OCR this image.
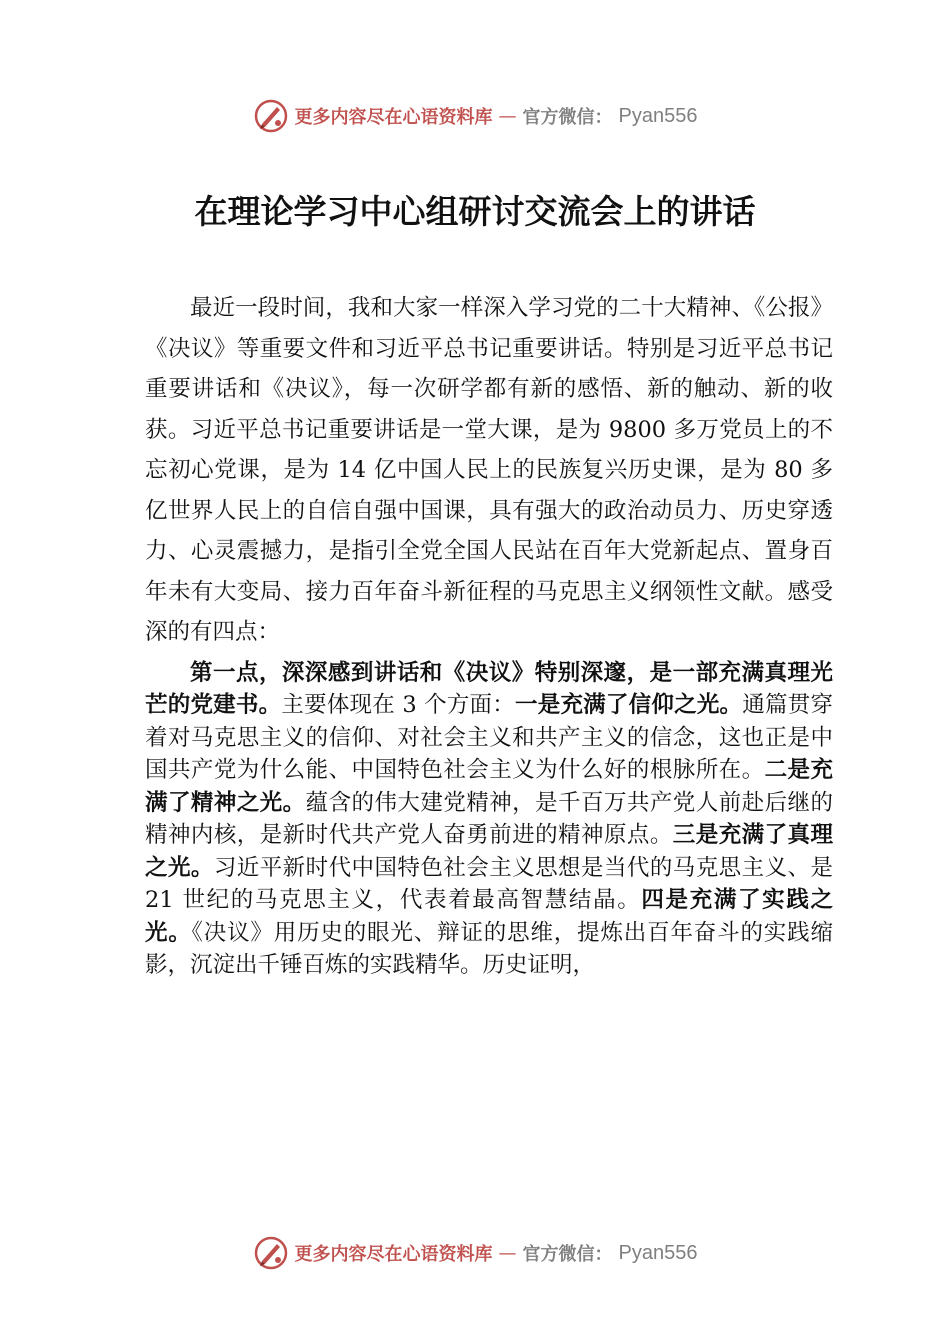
更多内容尽在心语资料库 — 官方微信： Pyan556
在理论学习中心组研讨交流会上的讲话

最近一段时间，我和大家一样深入学习党的二十大精神、《公报》《决议》等重要文件和习近平总书记重要讲话。特别是习近平总书记重要讲话和《决议》，每一次研学都有新的感悟、新的触动、新的收获。习近平总书记重要讲话是一堂大课，是为 9800 多万党员上的不忘初心党课，是为 14 亿中国人民上的民族复兴历史课，是为 80 多亿世界人民上的自信自强中国课，具有强大的政治动员力、历史穿透力、心灵震撼力，是指引全党全国人民站在百年大党新起点、置身百年未有大变局、接力百年奋斗新征程的马克思主义纲领性文献。感受深的有四点：

第一点，深深感到讲话和《决议》特别深邃，是一部充满真理光芒的党建书。主要体现在 3 个方面：一是充满了信仰之光。通篇贯穿着对马克思主义的信仰、对社会主义和共产主义的信念，这也正是中国共产党为什么能、中国特色社会主义为什么好的根脉所在。二是充满了精神之光。蕴含的伟大建党精神，是千百万共产党人前赴后继的精神内核，是新时代共产党人奋勇前进的精神原点。三是充满了真理之光。习近平新时代中国特色社会主义思想是当代的马克思主义、是 21 世纪的马克思主义，代表着最高智慧结晶。四是充满了实践之光。《决议》用历史的眼光、辩证的思维，提炼出百年奋斗的实践缩影，沉淀出千锤百炼的实践精华。历史证明，

更多内容尽在心语资料库 — 官方微信： Pyan556
